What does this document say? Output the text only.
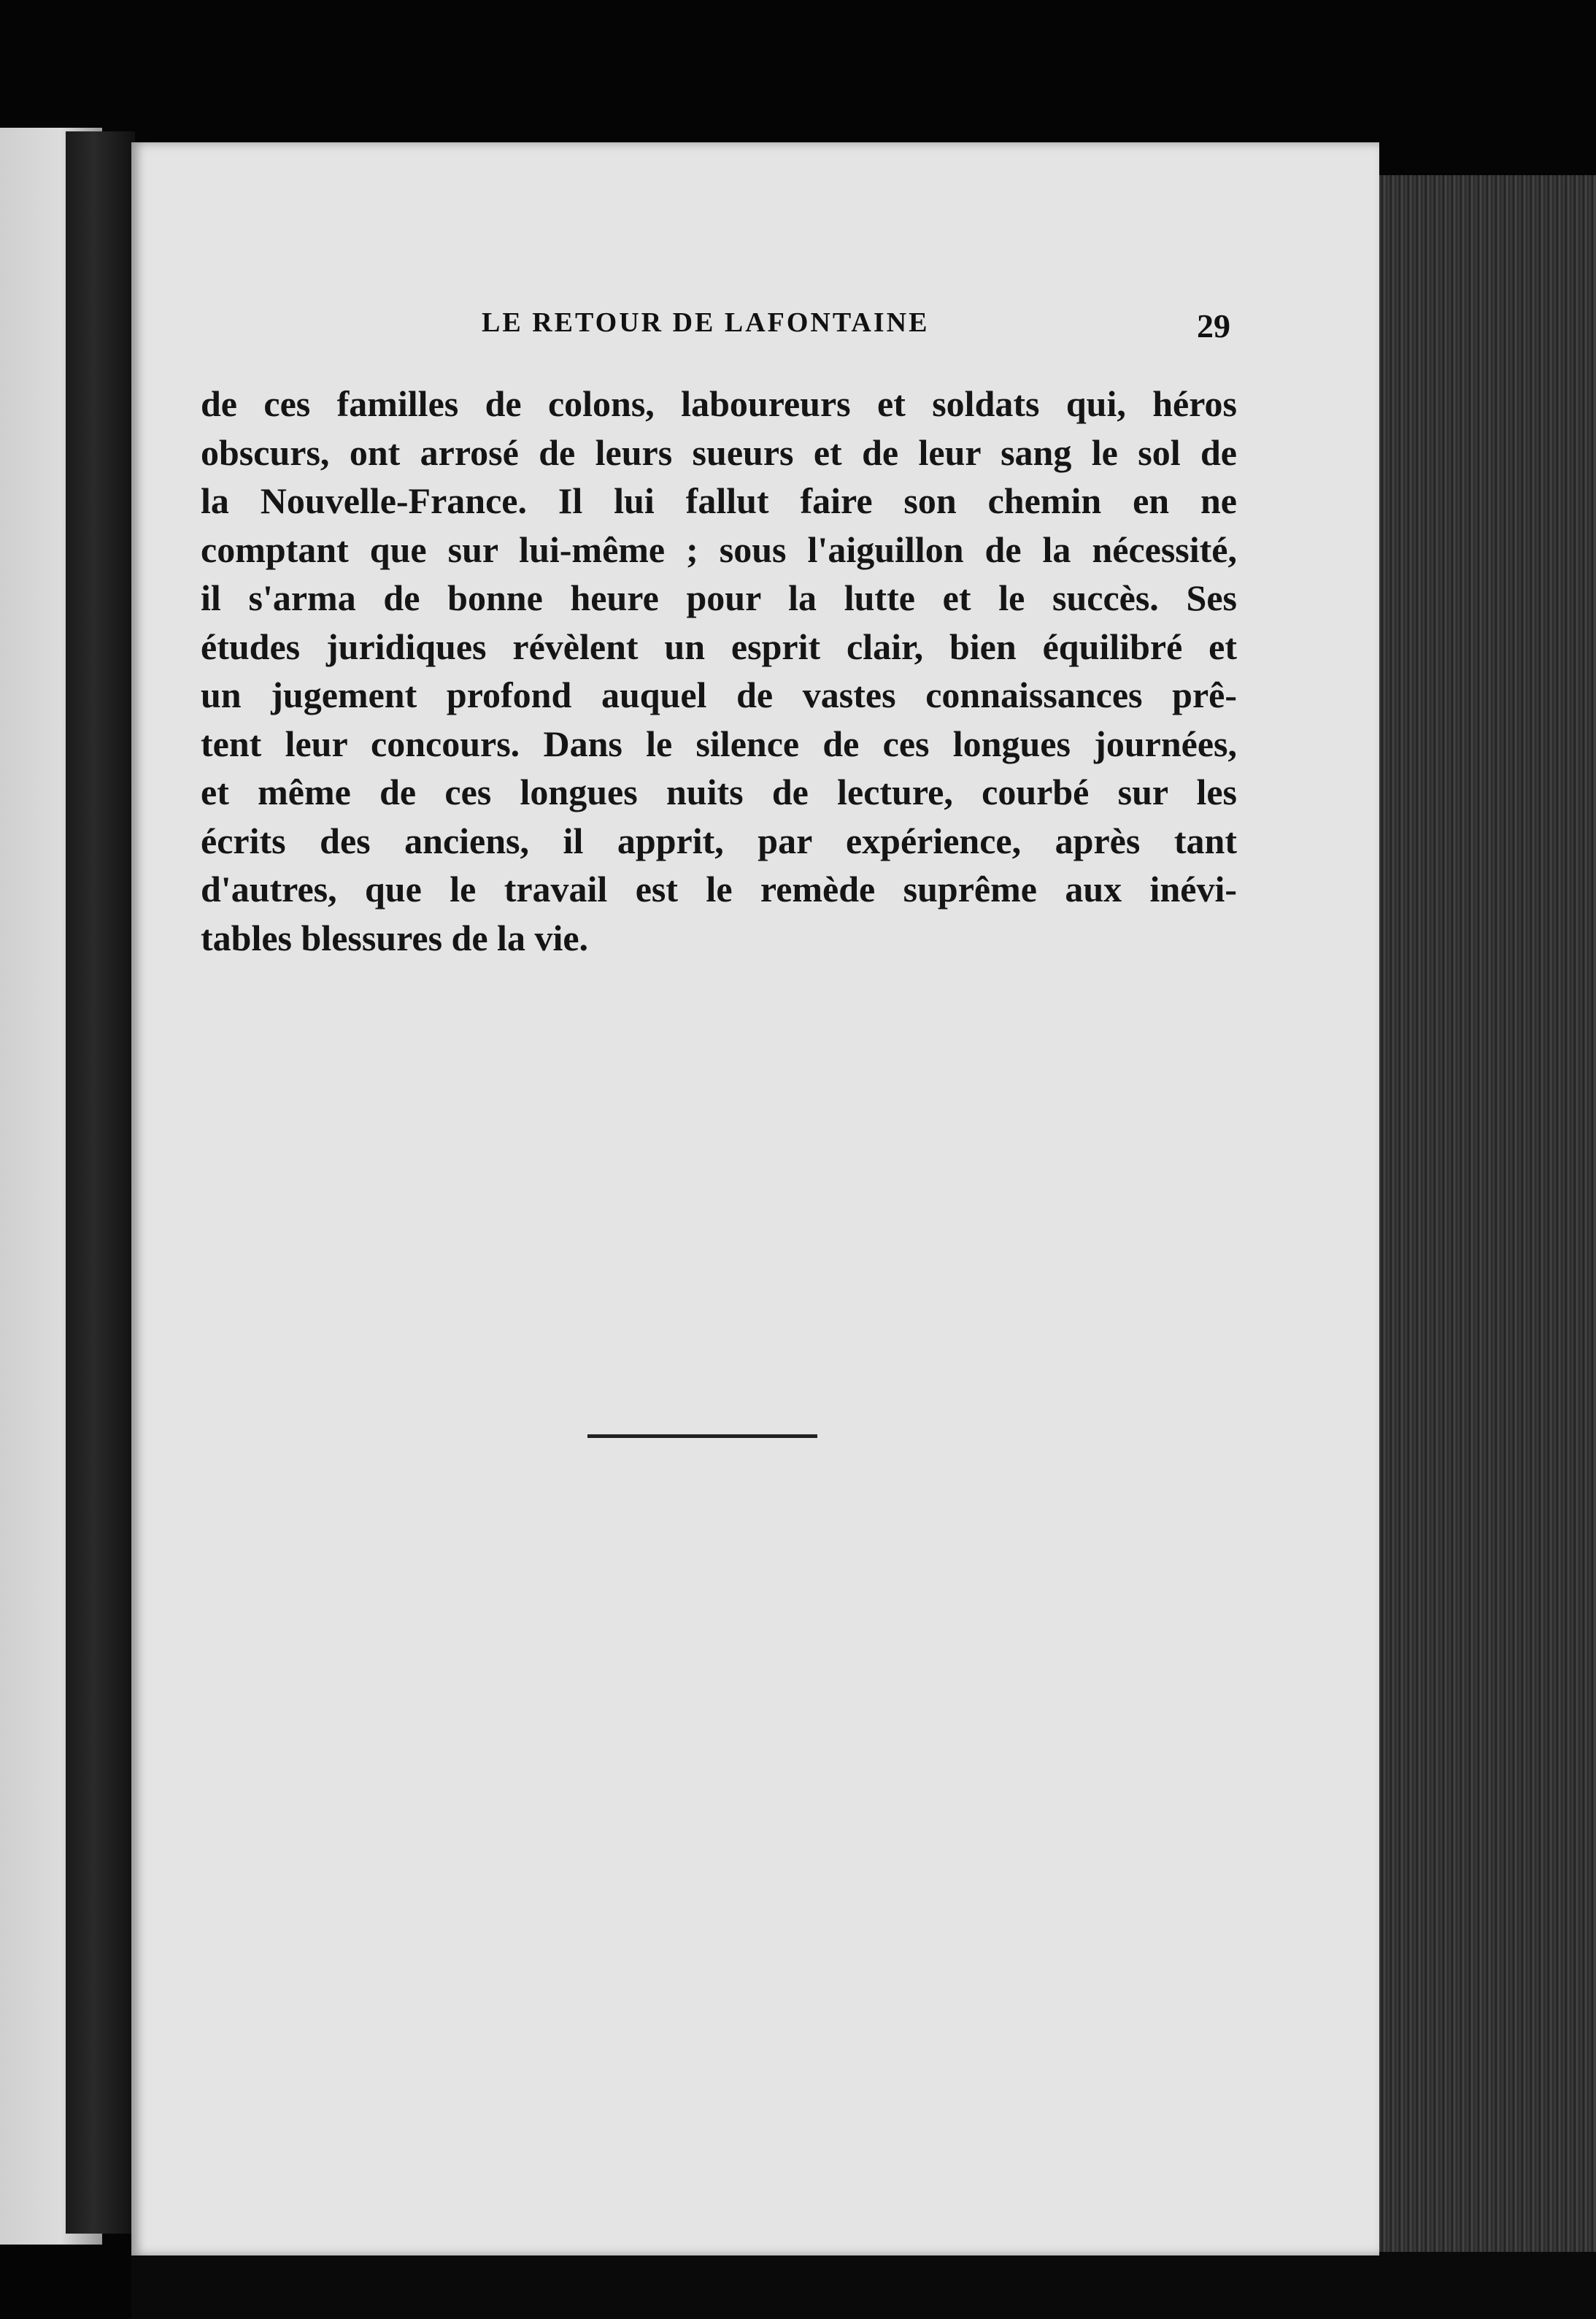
LE RETOUR DE LAFONTAINE	29
de ces familles de colons, laboureurs et soldats qui, héros
obscurs, ont arrosé de leurs sueurs et de leur sang le sol de
la Nouvelle-France. Il lui fallut faire son chemin en ne
comptant que sur lui-même ; sous l'aiguillon de la nécessité,
il s'arma de bonne heure pour la lutte et le succès. Ses
études juridiques révèlent un esprit clair, bien équilibré et
un jugement profond auquel de vastes connaissances prê-
tent leur concours. Dans le silence de ces longues journées,
et même de ces longues nuits de lecture, courbé sur les
écrits des anciens, il apprit, par expérience, après tant
d'autres, que le travail est le remède suprême aux inévi-
tables blessures de la vie.
